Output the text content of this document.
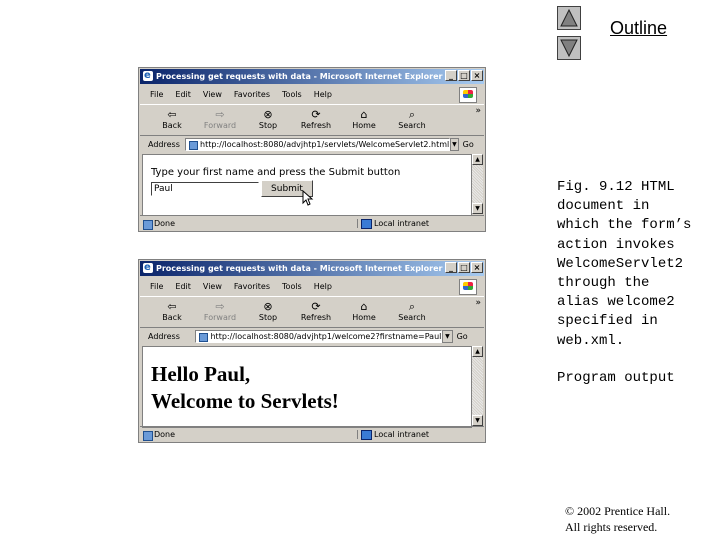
Outline
eProcessing get requests with data - Microsoft Internet Explorer _ □ ×
File Edit View Favorites Tools Help
⇦
Back
⇨
Forward
⊗
Stop
⟳
Refresh
⌂
Home
⌕
Search
»
Address	http://localhost:8080/advjhtp1/servlets/WelcomeServlet2.html ▼ Go
Type your first name and press the Submit button
Paul	Submit
▲
▼
Done	Local intranet
eProcessing get requests with data - Microsoft Internet Explorer _ □ ×
File Edit View Favorites Tools Help
⇦
Back
⇨
Forward
⊗
Stop
⟳
Refresh
⌂
Home
⌕
Search
»
Address	http://localhost:8080/advjhtp1/welcome2?firstname=Paul ▼ Go
Hello Paul,
Welcome to Servlets!
▲
▼
Done	Local intranet
Fig. 9.12 HTML
document in
which the form’s
action invokes
WelcomeServlet2
through the
alias welcome2
specified in
web.xml.
Program output
© 2002 Prentice Hall.
All rights reserved.
